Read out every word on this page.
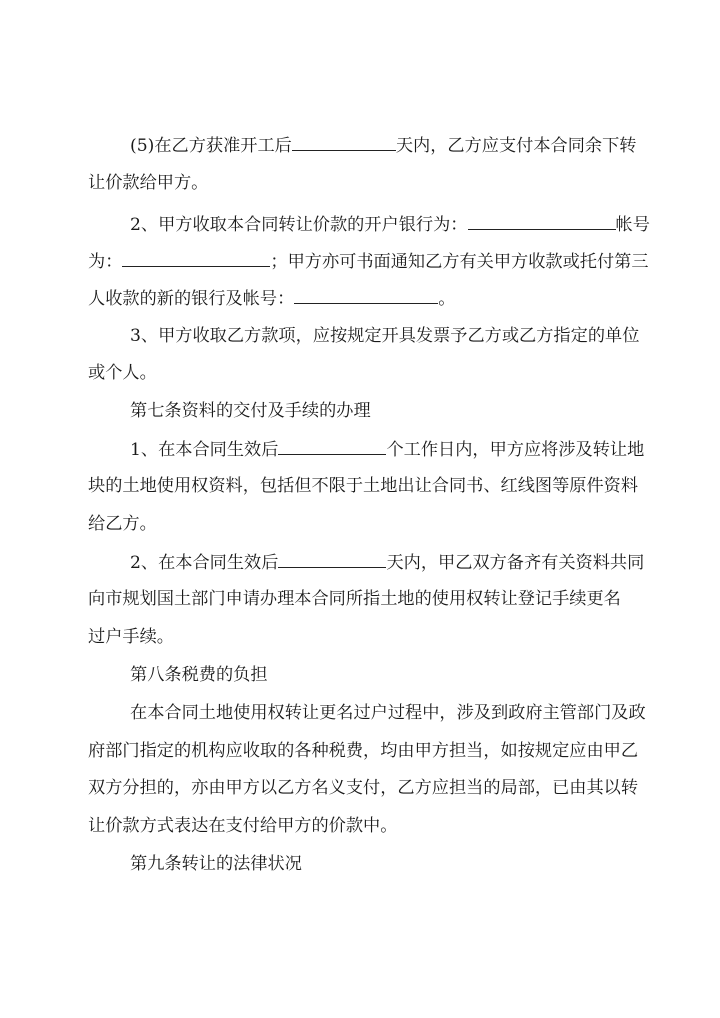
(5)在乙方获准开工后	天内，乙方应支付本合同余下转
让价款给甲方。
2、甲方收取本合同转让价款的开户银行为：	帐号
为：	；甲方亦可书面通知乙方有关甲方收款或托付第三
人收款的新的银行及帐号：	。
3、甲方收取乙方款项，应按规定开具发票予乙方或乙方指定的单位
或个人。
第七条资料的交付及手续的办理
1、在本合同生效后	个工作日内，甲方应将涉及转让地
块的土地使用权资料，包括但不限于土地出让合同书、红线图等原件资料
给乙方。
2、在本合同生效后	天内，甲乙双方备齐有关资料共同
向市规划国土部门申请办理本合同所指土地的使用权转让登记手续更名
过户手续。
第八条税费的负担
在本合同土地使用权转让更名过户过程中，涉及到政府主管部门及政
府部门指定的机构应收取的各种税费，均由甲方担当，如按规定应由甲乙
双方分担的，亦由甲方以乙方名义支付，乙方应担当的局部，已由其以转
让价款方式表达在支付给甲方的价款中。
第九条转让的法律状况
